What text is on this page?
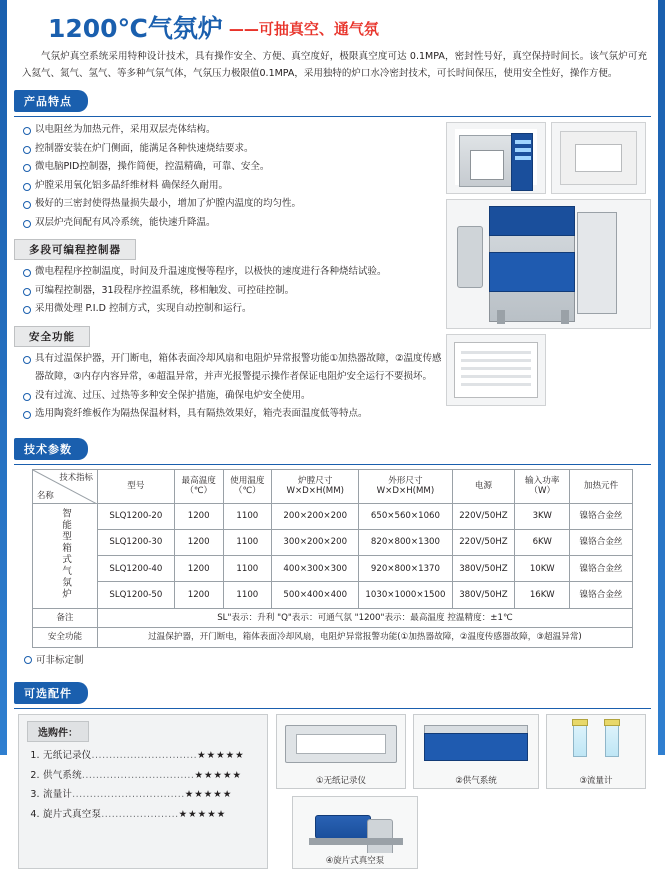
1200℃气氛炉 ——可抽真空、通气氛

气氛炉真空系统采用特种设计技术，具有操作安全、方便、真空度好，极限真空度可达 0.1MPA，密封性号好，真空保持时间长。该气氛炉可充入氦气、氮气、氢气、等多种气氛气体，气氛压力极限值0.1MPA，采用独特的炉口水冷密封技术，可长时间保压，使用安全性好，操作方便。

产品特点
以电阻丝为加热元件，采用双层壳体结构。
控制器安装在炉门侧面，能满足各种快速烧结要求。
微电脑PID控制器，操作简便，控温精确，可靠、安全。
炉膛采用氧化铝多晶纤维材料 确保经久耐用。
极好的三密封使得热量损失最小，增加了炉膛内温度的均匀性。
双层炉壳间配有风冷系统，能快速升降温。
多段可编程控制器
微电程程序控制温度，时间及升温速度慢等程序，以极快的速度进行各种烧结试验。
可编程控制器，31段程序控温系统，移相触发、可控硅控制。
采用微处理 P.I.D 控制方式，实现自动控制和运行。
安全功能
具有过温保护器，开门断电，箱体表面冷却风扇和电阻炉异常报警功能①加热器故障，②温度传感器故障，③内存内容异常，④超温异常，并声光报警提示操作者保证电阻炉安全运行不要损坏。
没有过流、过压、过热等多种安全保护措施，确保电炉安全使用。
选用陶瓷纤维板作为隔热保温材料，具有隔热效果好，箱壳表面温度低等特点。
技术参数
技术指标
名称	型号	最高温度（℃）	使用温度（℃）	炉膛尺寸W×D×H(MM)	外形尺寸W×D×H(MM)	电源	输入功率（W）	加热元件
智能型箱式气氛炉	SLQ1200-20	1200	1100	200×200×200	650×560×1060	220V/50HZ	3KW	镍铬合金丝
	SLQ1200-30	1200	1100	300×200×200	820×800×1300	220V/50HZ	6KW	镍铬合金丝
	SLQ1200-40	1200	1100	400×300×300	920×800×1370	380V/50HZ	10KW	镍铬合金丝
	SLQ1200-50	1200	1100	500×400×400	1030×1000×1500	380V/50HZ	16KW	镍铬合金丝
备注	SL"表示：升利 "Q"表示：可通气氛 "1200"表示：最高温度 控温精度：±1℃							
安全功能	过温保护器，开门断电，箱体表面冷却风扇，电阻炉异常报警功能(①加热器故障，②温度传感器故障，③超温异常)							
可非标定制
可选配件
选购件：
1. 无纸记录仪..............................★★★★★
2. 供气系统................................★★★★★
3. 流量计................................★★★★★
4. 旋片式真空泵......................★★★★★
①无纸记录仪	②供气系统	③流量计
④旋片式真空泵
